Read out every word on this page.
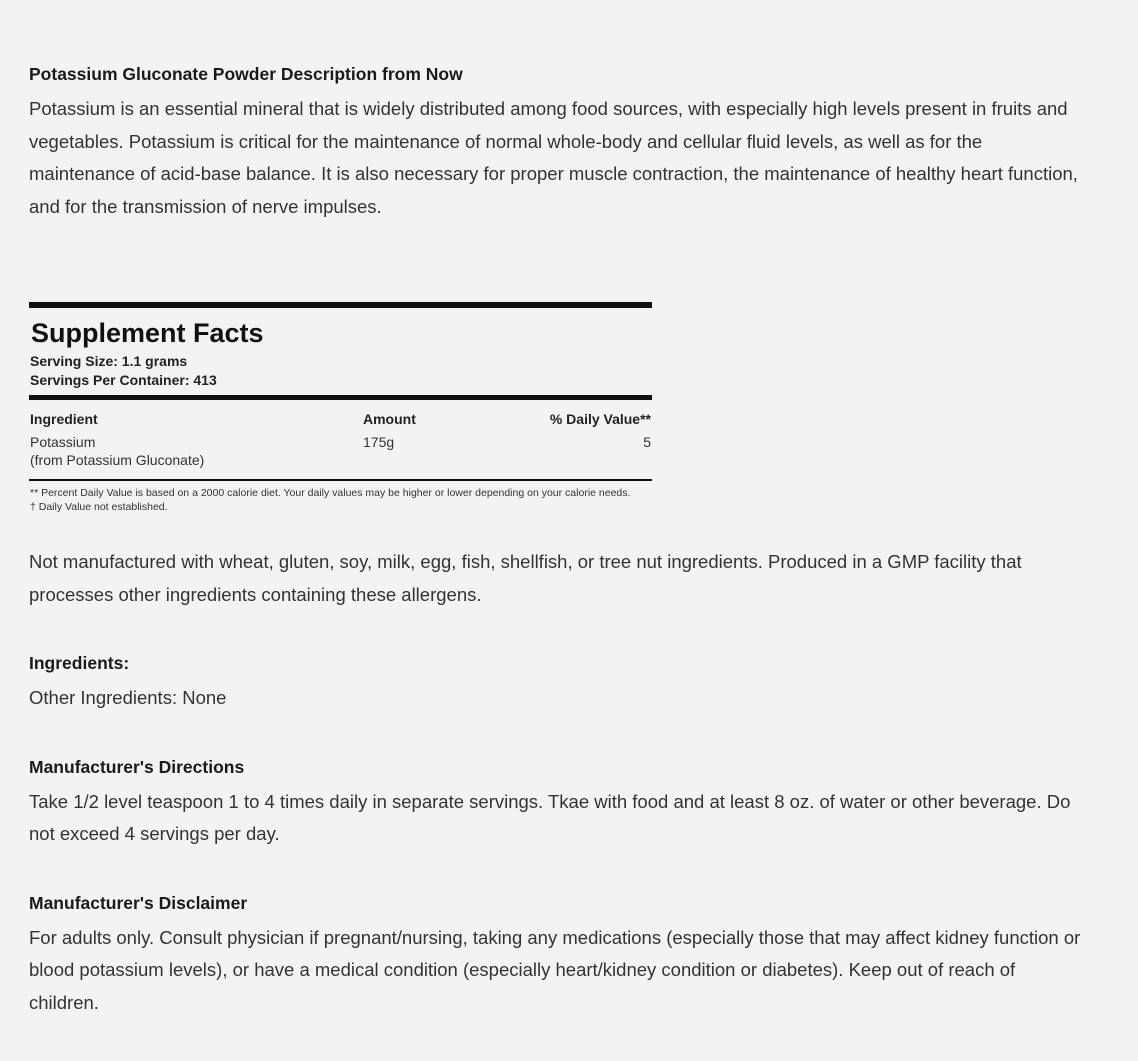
Potassium Gluconate Powder Description from Now

Potassium is an essential mineral that is widely distributed among food sources, with especially high levels present in fruits and vegetables. Potassium is critical for the maintenance of normal whole-body and cellular fluid levels, as well as for the maintenance of acid-base balance. It is also necessary for proper muscle contraction, the maintenance of healthy heart function, and for the transmission of nerve impulses.

Supplement Facts
Serving Size: 1.1 grams
Servings Per Container: 413
Ingredient	Amount	% Daily Value**

Potassium
(from Potassium Gluconate)	175g	5
** Percent Daily Value is based on a 2000 calorie diet. Your daily values may be higher or lower depending on your calorie needs.
† Daily Value not established.

Not manufactured with wheat, gluten, soy, milk, egg, fish, shellfish, or tree nut ingredients. Produced in a GMP facility that processes other ingredients containing these allergens.

Ingredients:

Other Ingredients: None

Manufacturer's Directions

Take 1/2 level teaspoon 1 to 4 times daily in separate servings. Tkae with food and at least 8 oz. of water or other beverage. Do not exceed 4 servings per day.

Manufacturer's Disclaimer

For adults only. Consult physician if pregnant/nursing, taking any medications (especially those that may affect kidney function or blood potassium levels), or have a medical condition (especially heart/kidney condition or diabetes). Keep out of reach of children.
